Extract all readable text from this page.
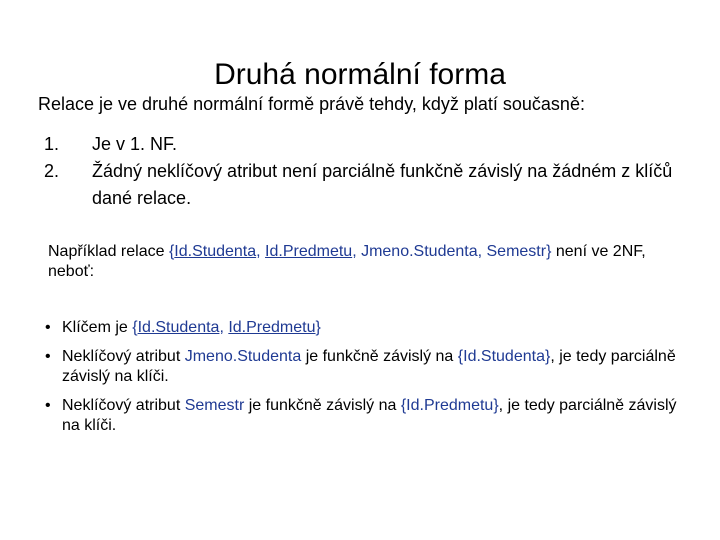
Druhá normální forma

Relace je ve druhé normální formě právě tehdy, když platí současně:

1.	Je v 1. NF.
2.	Žádný neklíčový atribut není parciálně funkčně závislý na žádném z klíčů dané relace.

Například relace {Id.Studenta, Id.Predmetu, Jmeno.Studenta, Semestr} není ve 2NF, neboť:

• Klíčem je {Id.Studenta, Id.Predmetu}
• Neklíčový atribut Jmeno.Studenta je funkčně závislý na {Id.Studenta}, je tedy parciálně závislý na klíči.
• Neklíčový atribut Semestr je funkčně závislý na {Id.Predmetu}, je tedy parciálně závislý na klíči.
